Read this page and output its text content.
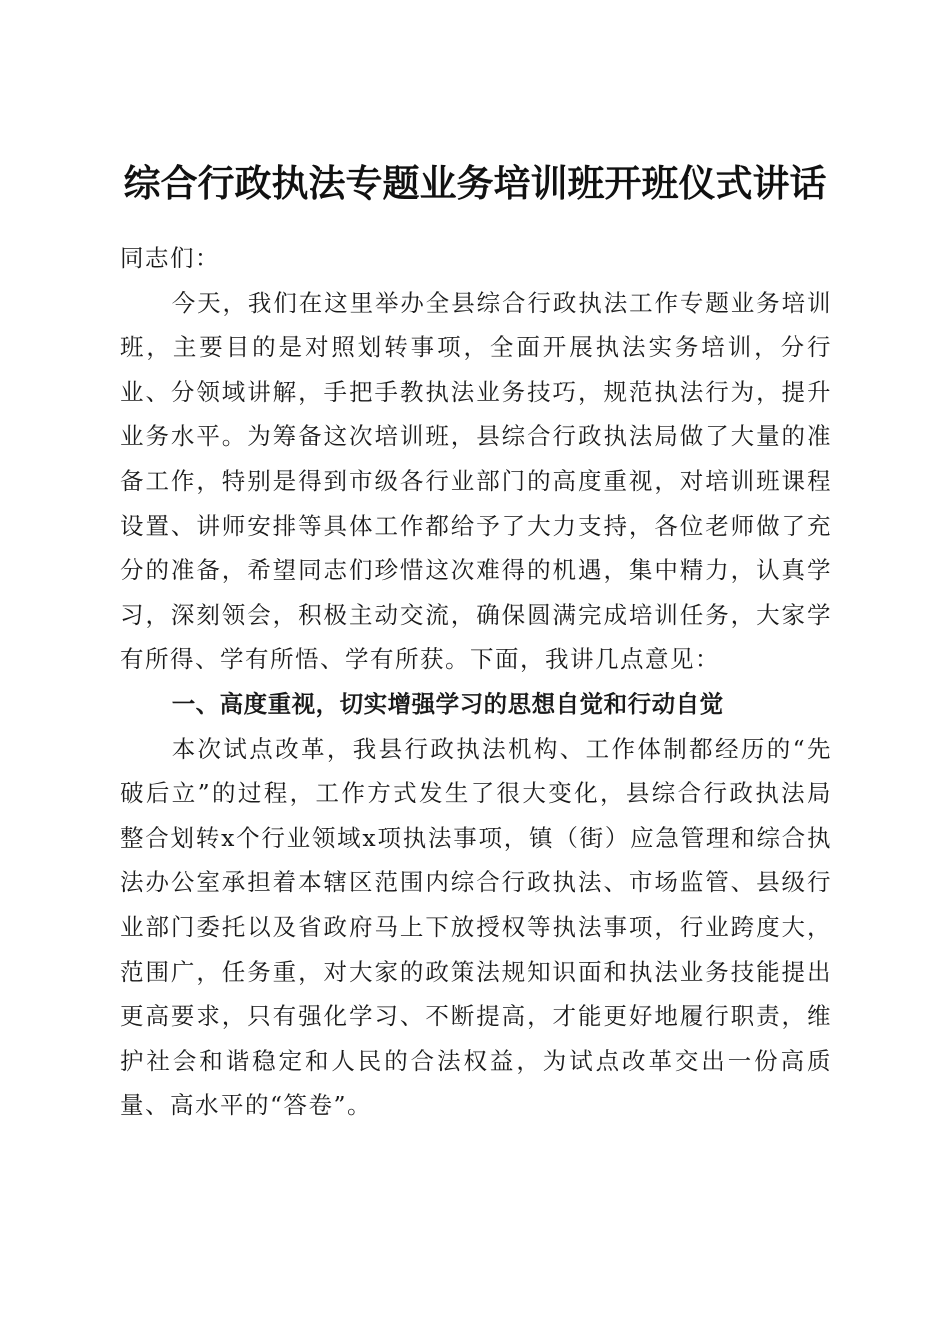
综合行政执法专题业务培训班开班仪式讲话

同志们：

今天，我们在这里举办全县综合行政执法工作专题业务培训班，主要目的是对照划转事项，全面开展执法实务培训，分行业、分领域讲解，手把手教执法业务技巧，规范执法行为，提升业务水平。为筹备这次培训班，县综合行政执法局做了大量的准备工作，特别是得到市级各行业部门的高度重视，对培训班课程设置、讲师安排等具体工作都给予了大力支持，各位老师做了充分的准备，希望同志们珍惜这次难得的机遇，集中精力，认真学习，深刻领会，积极主动交流，确保圆满完成培训任务，大家学有所得、学有所悟、学有所获。下面，我讲几点意见：

一、高度重视，切实增强学习的思想自觉和行动自觉

本次试点改革，我县行政执法机构、工作体制都经历的“先破后立”的过程，工作方式发生了很大变化，县综合行政执法局整合划转x个行业领域x项执法事项，镇（街）应急管理和综合执法办公室承担着本辖区范围内综合行政执法、市场监管、县级行业部门委托以及省政府马上下放授权等执法事项，行业跨度大，范围广，任务重，对大家的政策法规知识面和执法业务技能提出更高要求，只有强化学习、不断提高，才能更好地履行职责，维护社会和谐稳定和人民的合法权益，为试点改革交出一份高质量、高水平的“答卷”。
